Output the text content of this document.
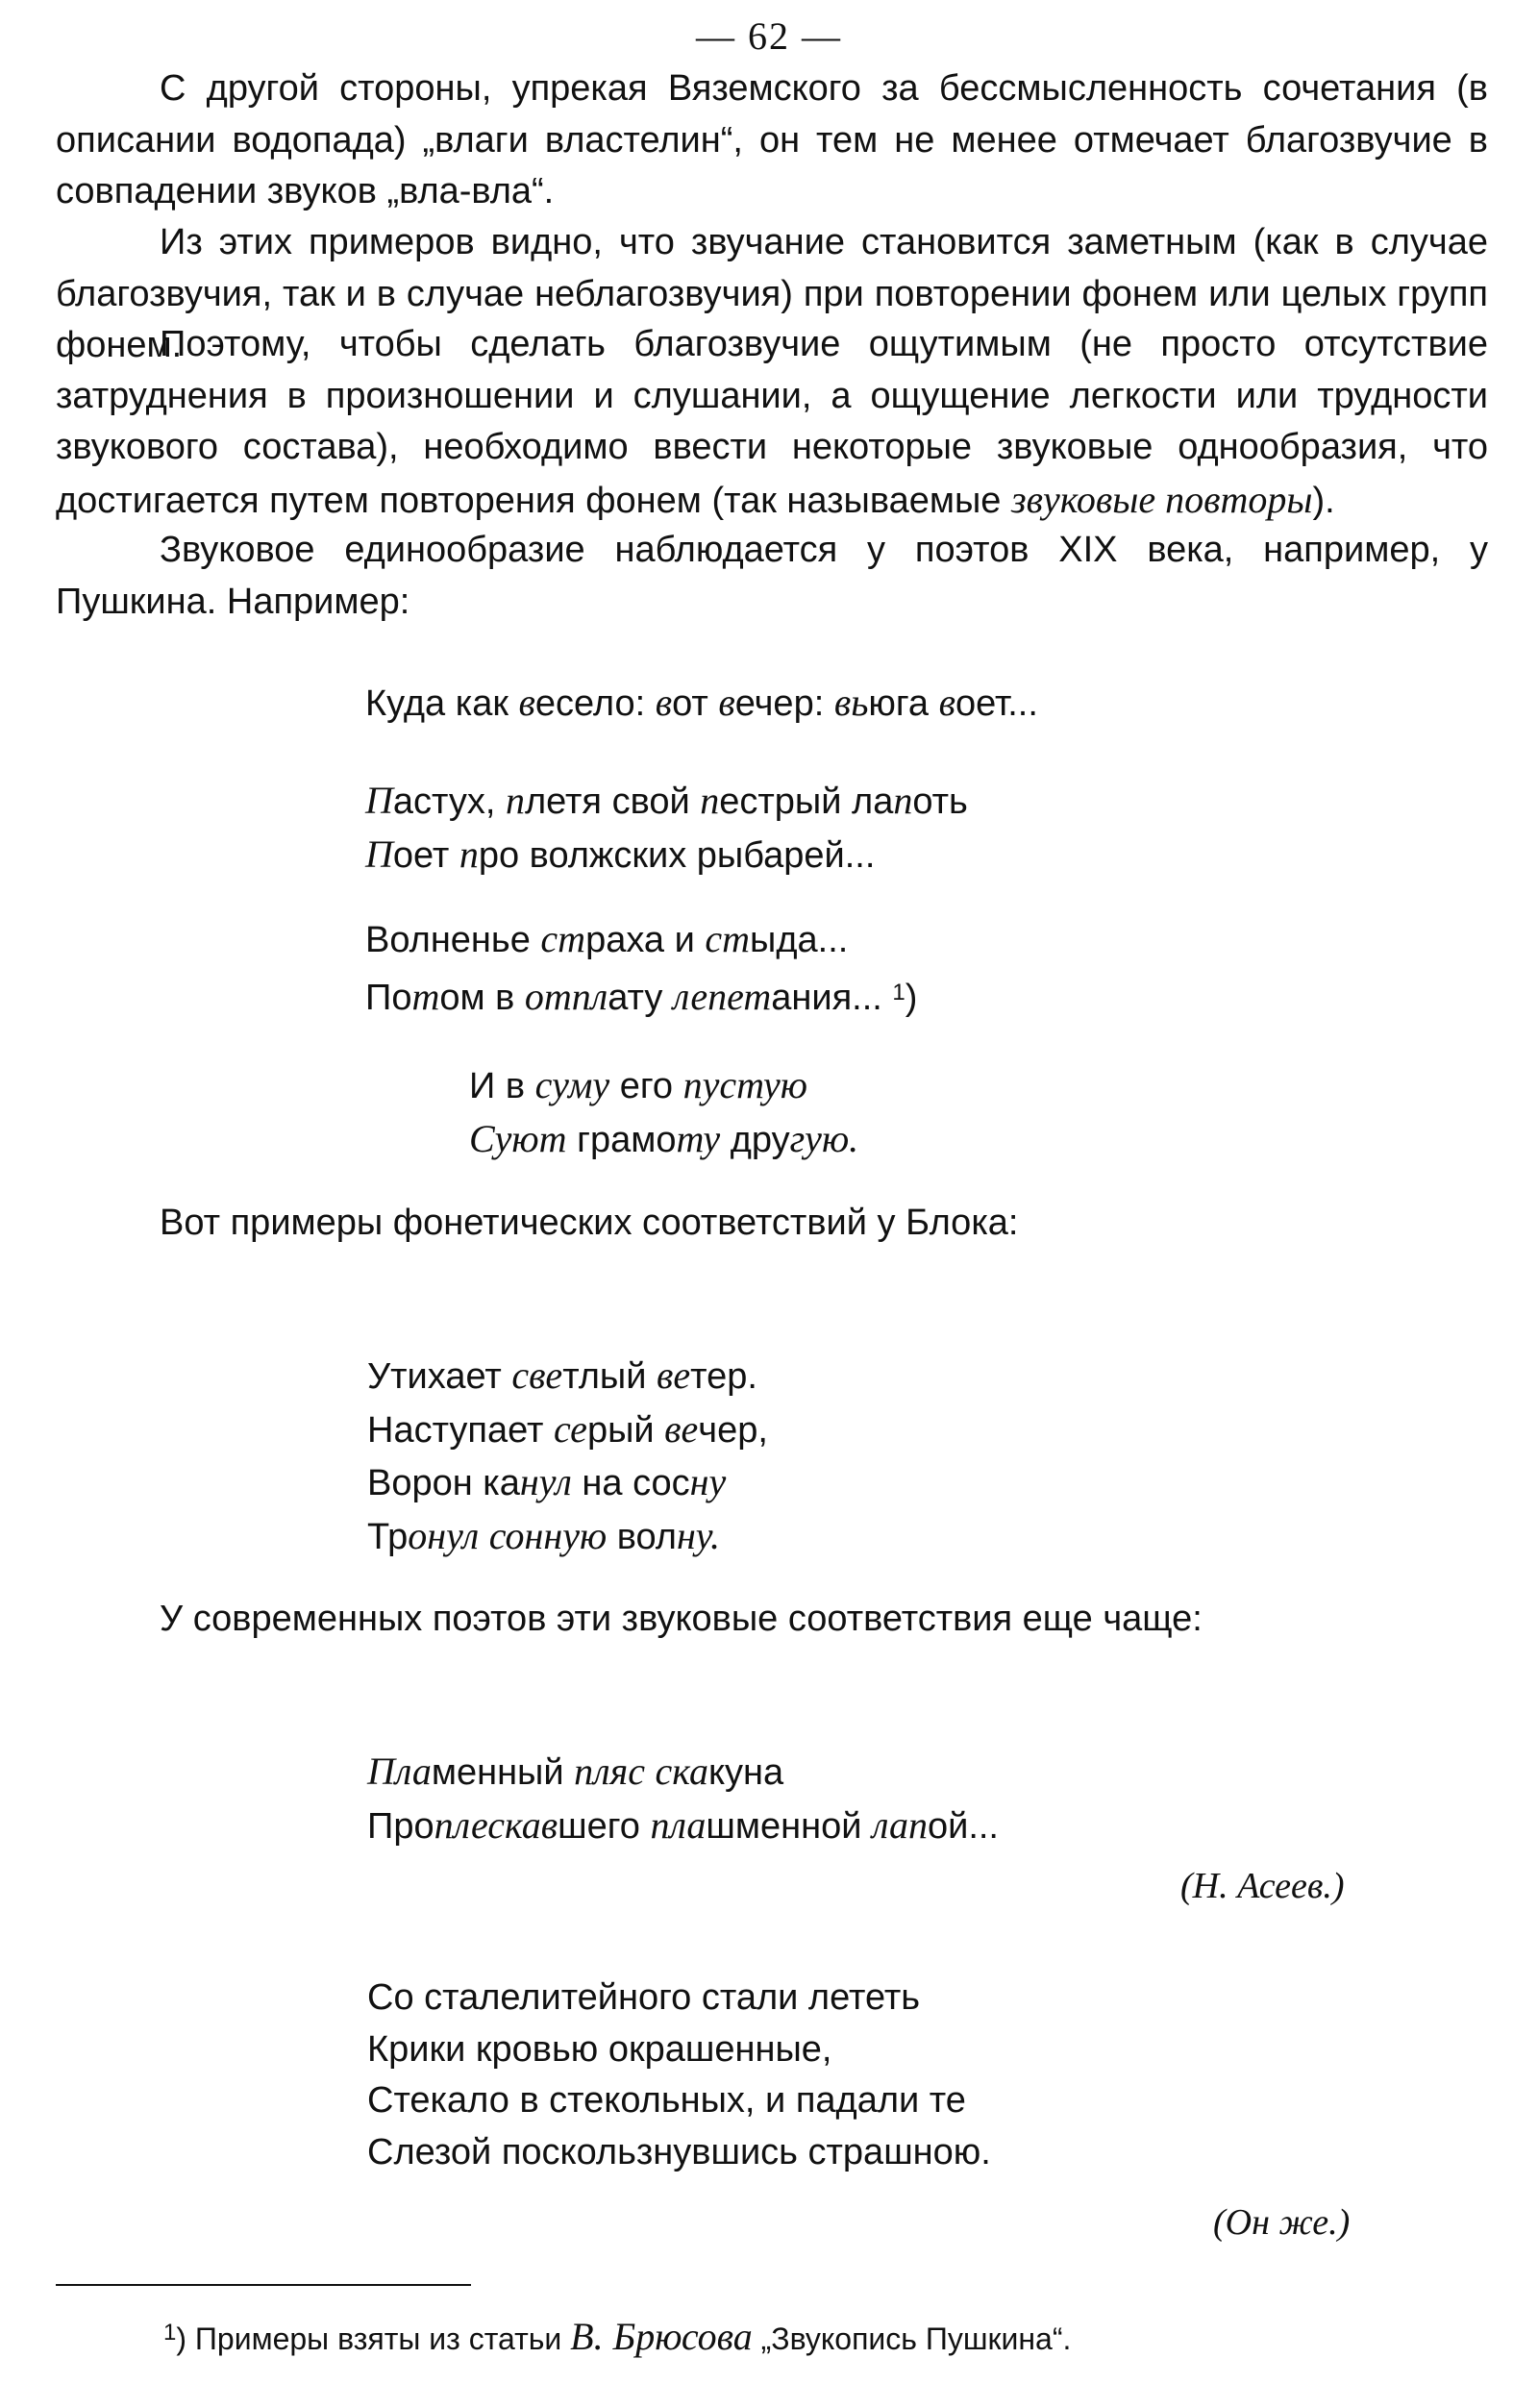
— 62 —

С другой стороны, упрекая Вяземского за бессмысленность сочетания (в описании водопада) „влаги властелин“, он тем не менее отмечает благозвучие в совпадении звуков „вла-вла“.

Из этих примеров видно, что звучание становится заметным (как в случае благозвучия, так и в случае неблагозвучия) при повторении фонем или целых групп фонем.

Поэтому, чтобы сделать благозвучие ощутимым (не просто отсутствие затруднения в произношении и слушании, а ощущение легкости или трудности звукового состава), необходимо ввести некоторые звуковые однообразия, что достигается путем повторения фонем (так называемые звуковые повторы).

Звуковое единообразие наблюдается у поэтов XIX века, например, у Пушкина. Например:

Куда как весело: вот вечер: вьюга воет...
Пастух, плетя свой пестрый лапоть
Поет про волжских рыбарей...
Волненье страха и стыда...
Потом в отплату лепетания... $^1$)
И в суму его пустую
Суют грамоту другую.

Вот примеры фонетических соответствий у Блока:

Утихает светлый ветер.
Наступает серый вечер,
Ворон канул на сосну
Тронул сонную волну.

У современных поэтов эти звуковые соответствия еще чаще:

Пламенный пляс скакуна
Проплескавшего плашменной лапой...
(Н. Асеев.)
Со сталелитейного стали лететь
Крики кровью окрашенные,
Стекало в стекольных, и падали те
Слезой поскользнувшись страшною.
(Он же.)
$^1$) Примеры взяты из статьи В. Брюсова „Звукопись Пушкина“.
